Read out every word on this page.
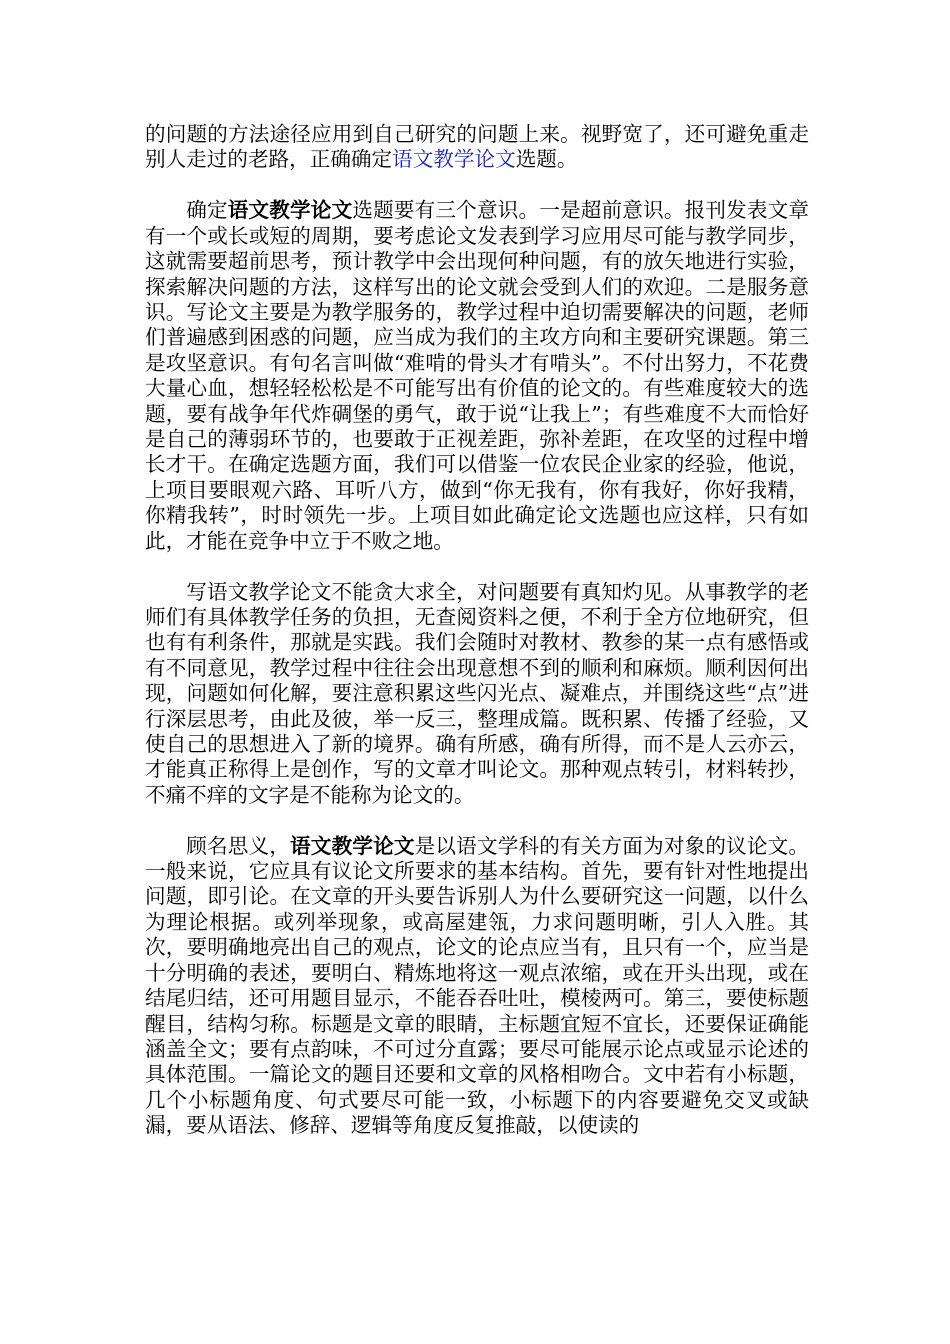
的问题的方法途径应用到自己研究的问题上来。视野宽了，还可避免重走别人走过的老路，正确确定语文教学论文选题。

确定语文教学论文选题要有三个意识。一是超前意识。报刊发表文章有一个或长或短的周期，要考虑论文发表到学习应用尽可能与教学同步，这就需要超前思考，预计教学中会出现何种问题，有的放矢地进行实验，探索解决问题的方法，这样写出的论文就会受到人们的欢迎。二是服务意识。写论文主要是为教学服务的，教学过程中迫切需要解决的问题，老师们普遍感到困惑的问题，应当成为我们的主攻方向和主要研究课题。第三是攻坚意识。有句名言叫做“难啃的骨头才有啃头”。不付出努力，不花费大量心血，想轻轻松松是不可能写出有价值的论文的。有些难度较大的选题，要有战争年代炸碉堡的勇气，敢于说“让我上”；有些难度不大而恰好是自己的薄弱环节的，也要敢于正视差距，弥补差距，在攻坚的过程中增长才干。在确定选题方面，我们可以借鉴一位农民企业家的经验，他说，上项目要眼观六路、耳听八方，做到“你无我有，你有我好，你好我精，你精我转”，时时领先一步。上项目如此确定论文选题也应这样，只有如此，才能在竞争中立于不败之地。

写语文教学论文不能贪大求全，对问题要有真知灼见。从事教学的老师们有具体教学任务的负担，无查阅资料之便，不利于全方位地研究，但也有有利条件，那就是实践。我们会随时对教材、教参的某一点有感悟或有不同意见，教学过程中往往会出现意想不到的顺利和麻烦。顺利因何出现，问题如何化解，要注意积累这些闪光点、凝难点，并围绕这些“点”进行深层思考，由此及彼，举一反三，整理成篇。既积累、传播了经验，又使自己的思想进入了新的境界。确有所感，确有所得，而不是人云亦云，才能真正称得上是创作，写的文章才叫论文。那种观点转引，材料转抄，不痛不痒的文字是不能称为论文的。

顾名思义，语文教学论文是以语文学科的有关方面为对象的议论文。一般来说，它应具有议论文所要求的基本结构。首先，要有针对性地提出问题，即引论。在文章的开头要告诉别人为什么要研究这一问题，以什么为理论根据。或列举现象，或高屋建瓴，力求问题明晰，引人入胜。其次，要明确地亮出自己的观点，论文的论点应当有，且只有一个，应当是十分明确的表述，要明白、精炼地将这一观点浓缩，或在开头出现，或在结尾归结，还可用题目显示，不能吞吞吐吐，模棱两可。第三，要使标题醒目，结构匀称。标题是文章的眼睛，主标题宜短不宜长，还要保证确能涵盖全文；要有点韵味，不可过分直露；要尽可能展示论点或显示论述的具体范围。一篇论文的题目还要和文章的风格相吻合。文中若有小标题，几个小标题角度、句式要尽可能一致，小标题下的内容要避免交叉或缺漏，要从语法、修辞、逻辑等角度反复推敲，以使读的
